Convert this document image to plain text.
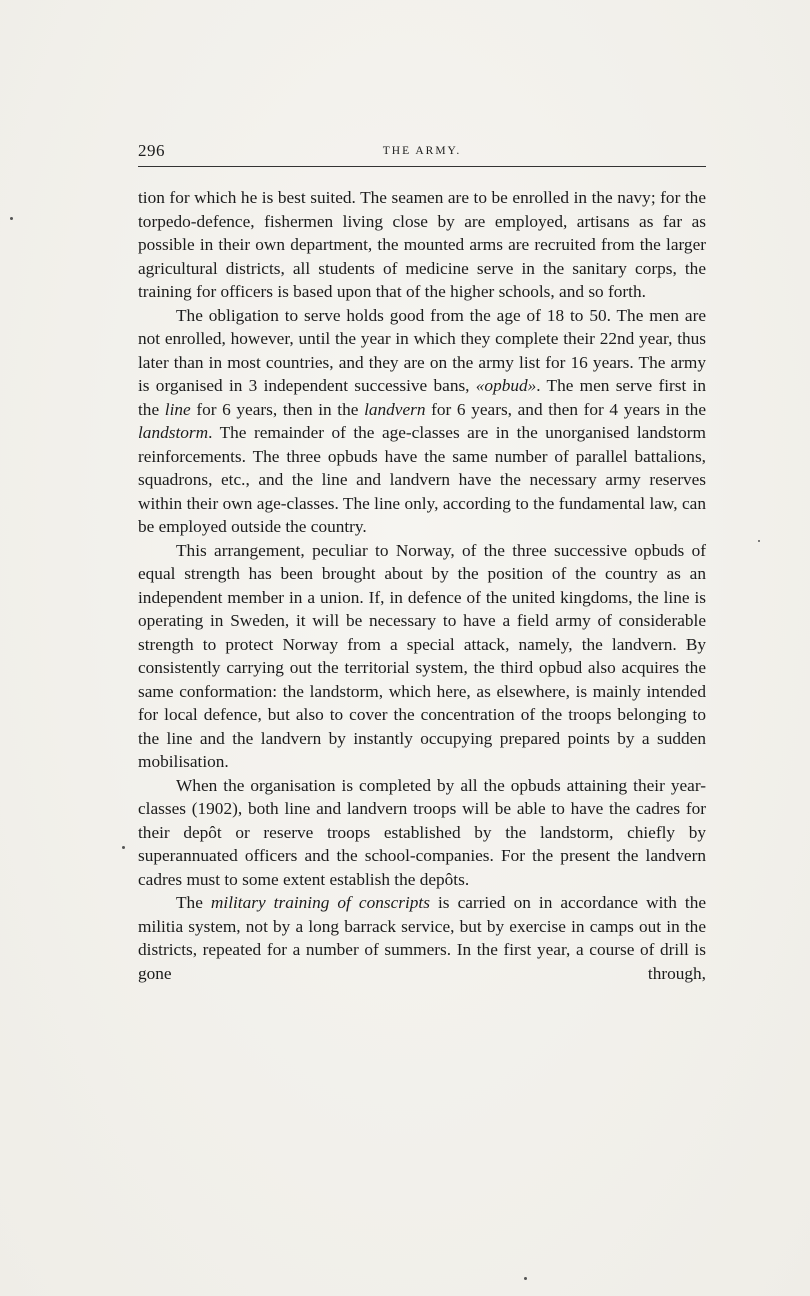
296	THE ARMY.

tion for which he is best suited. The seamen are to be enrolled in the navy; for the torpedo-defence, fishermen living close by are employed, artisans as far as possible in their own department, the mounted arms are recruited from the larger agricultural districts, all students of medicine serve in the sanitary corps, the training for officers is based upon that of the higher schools, and so forth.

The obligation to serve holds good from the age of 18 to 50. The men are not enrolled, however, until the year in which they complete their 22nd year, thus later than in most countries, and they are on the army list for 16 years. The army is organised in 3 independent successive bans, «opbud». The men serve first in the line for 6 years, then in the landvern for 6 years, and then for 4 years in the landstorm. The remainder of the age-classes are in the unorganised landstorm reinforcements. The three opbuds have the same number of parallel battalions, squadrons, etc., and the line and landvern have the necessary army reserves within their own age-classes. The line only, according to the fundamental law, can be employed outside the country.

This arrangement, peculiar to Norway, of the three successive opbuds of equal strength has been brought about by the position of the country as an independent member in a union. If, in defence of the united kingdoms, the line is operating in Sweden, it will be necessary to have a field army of considerable strength to protect Norway from a special attack, namely, the landvern. By consistently carrying out the territorial system, the third opbud also acquires the same conformation: the landstorm, which here, as elsewhere, is mainly intended for local defence, but also to cover the concentration of the troops belonging to the line and the landvern by instantly occupying prepared points by a sudden mobilisation.

When the organisation is completed by all the opbuds attaining their year-classes (1902), both line and landvern troops will be able to have the cadres for their depôt or reserve troops established by the landstorm, chiefly by superannuated officers and the school-companies. For the present the landvern cadres must to some extent establish the depôts.

The military training of conscripts is carried on in accordance with the militia system, not by a long barrack service, but by exercise in camps out in the districts, repeated for a number of summers. In the first year, a course of drill is gone through,
